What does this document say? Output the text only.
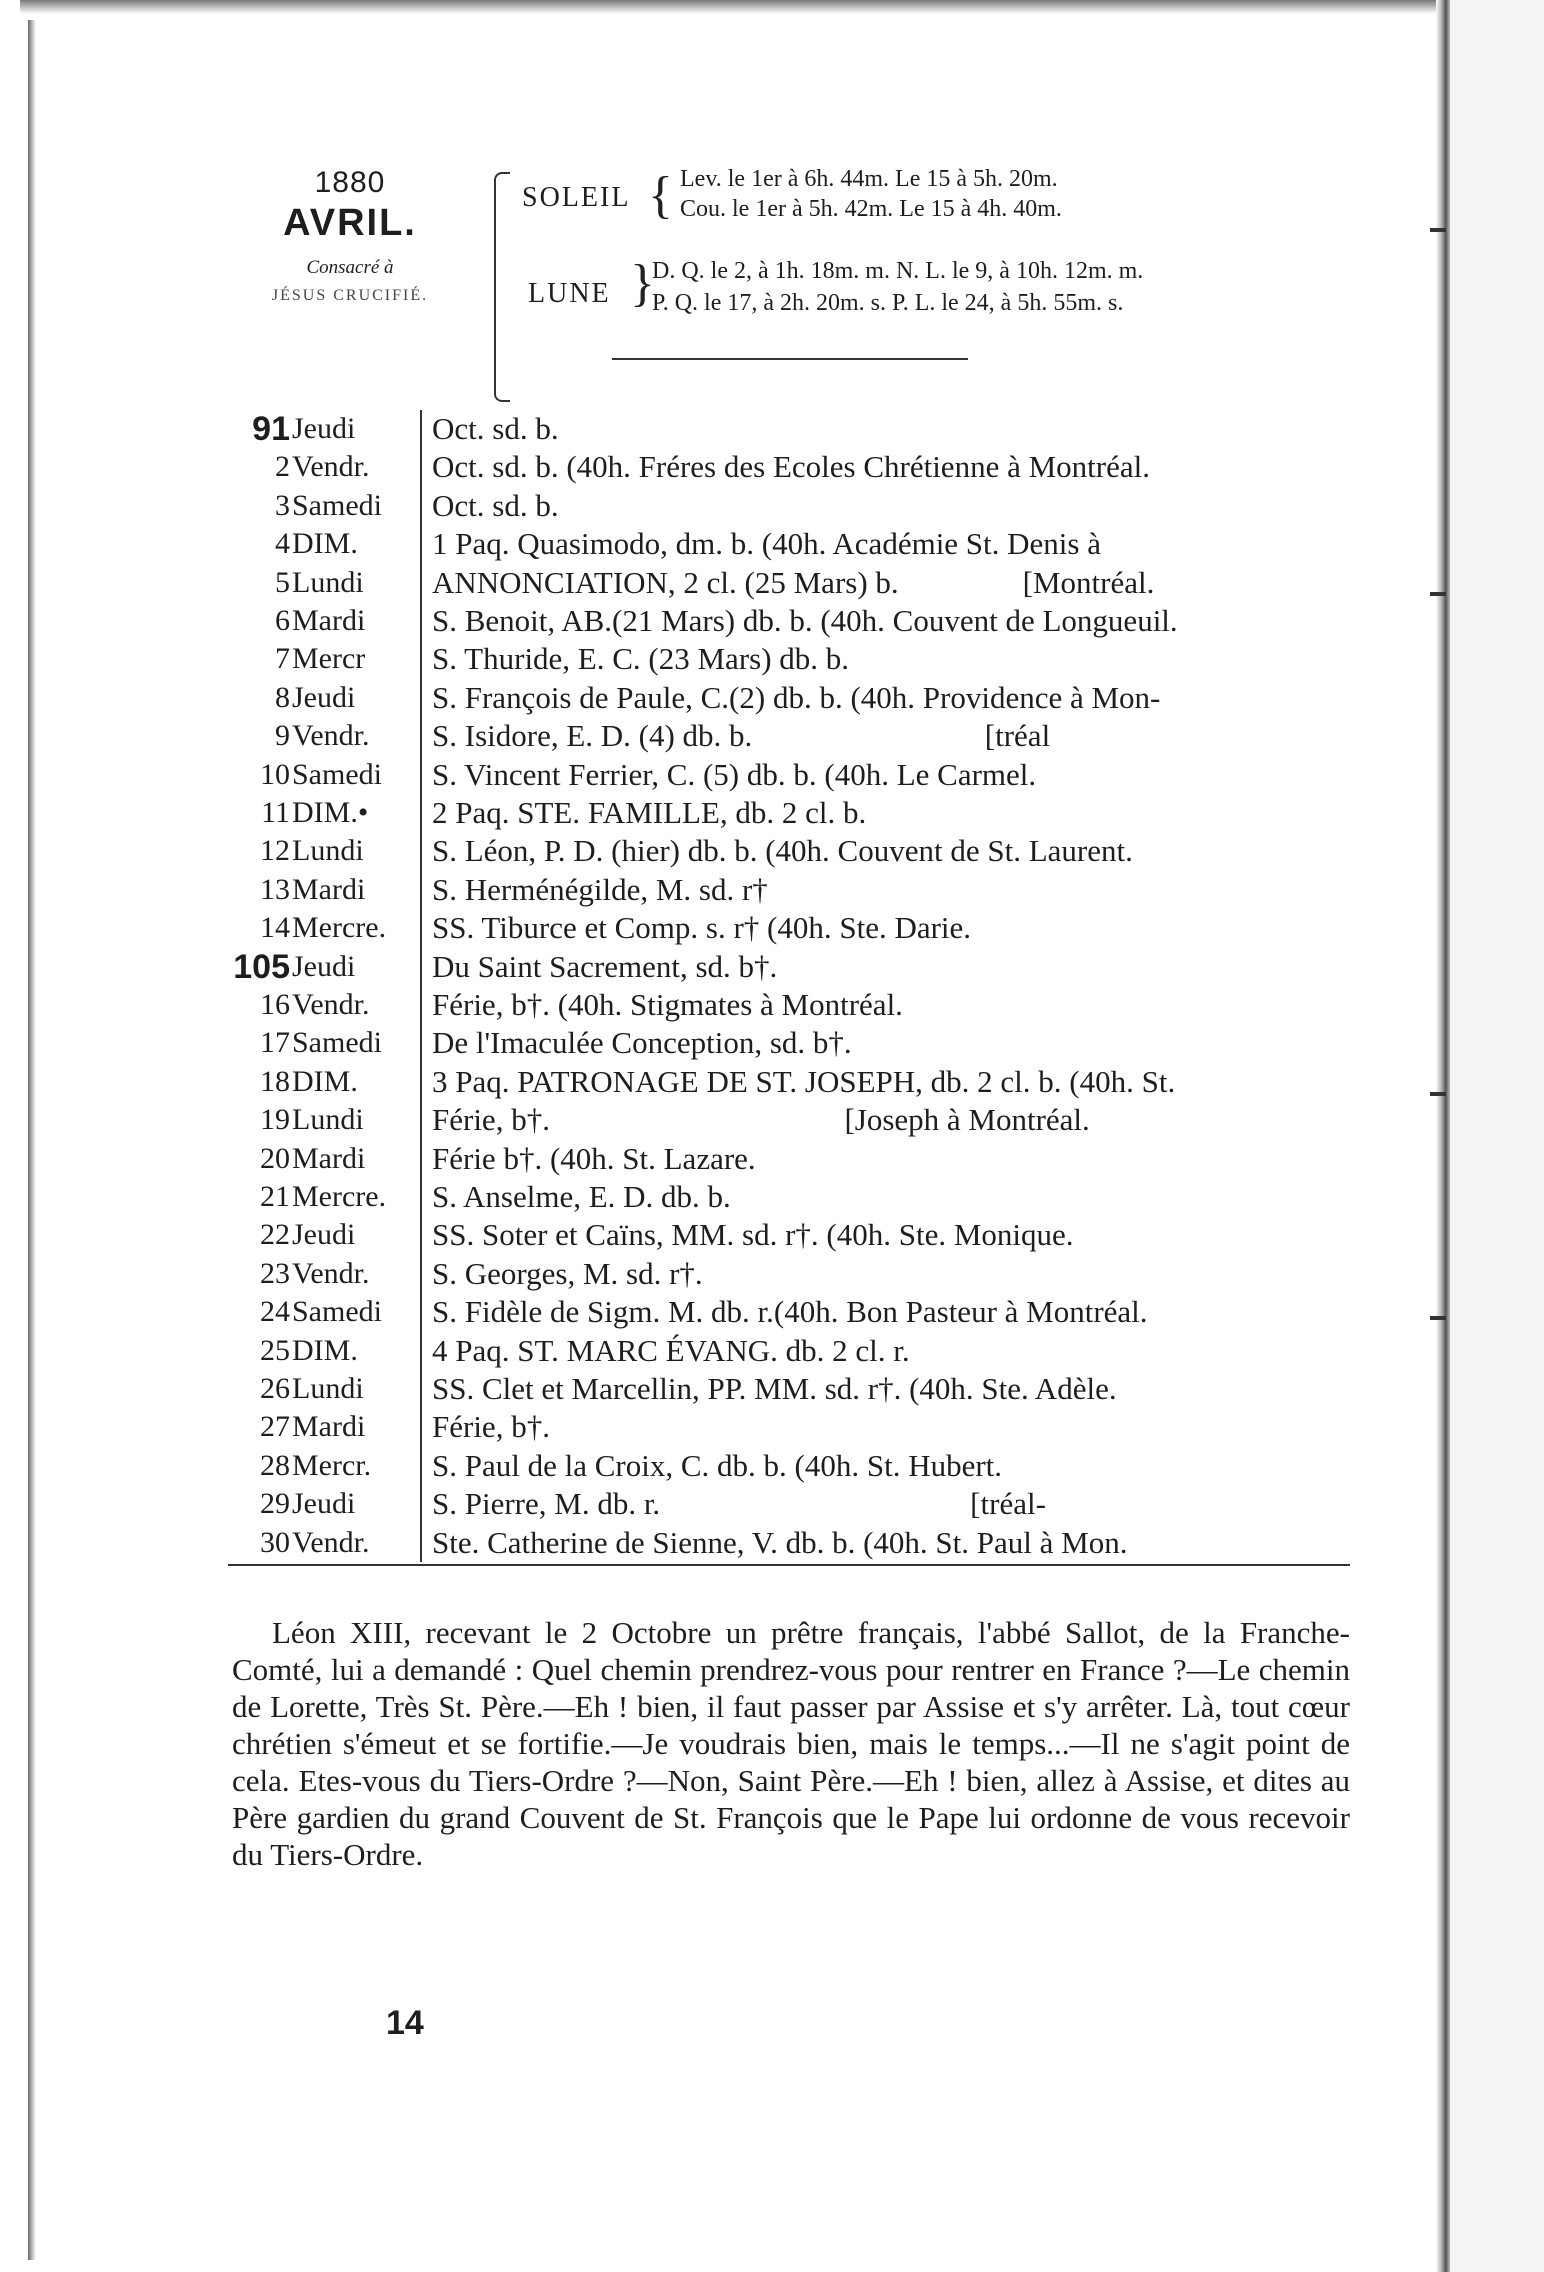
1880
AVRIL.
Consacré à
JÉSUS CRUCIFIÉ.
SOLEIL { Lev. le 1er à 6h. 44m. Le 15 à 5h. 20m.
Cou. le 1er à 5h. 42m. Le 15 à 4h. 40m.
LUNE }
D. Q. le 2, à 1h. 18m. m. N. L. le 9, à 10h. 12m. m.
P. Q. le 17, à 2h. 20m. s. P. L. le 24, à 5h. 55m. s.
91 Jeudi	Oct. sd. b.
2 Vendr.	Oct. sd. b. (40h. Fréres des Ecoles Chrétienne à Montréal.
3 Samedi	Oct. sd. b.
4 DIM.	1 Paq. Quasimodo, dm. b. (40h. Académie St. Denis à
5 Lundi	ANNONCIATION, 2 cl. (25 Mars) b.                [Montréal.
6 Mardi	S. Benoit, AB.(21 Mars) db. b. (40h. Couvent de Longueuil.
7 Mercr	S. Thuride, E. C. (23 Mars) db. b.
8 Jeudi	S. François de Paule, C.(2) db. b. (40h. Providence à Mon-
9 Vendr.	S. Isidore, E. D. (4) db. b.                              [tréal
10 Samedi	S. Vincent Ferrier, C. (5) db. b. (40h. Le Carmel.
11 DIM.•	2 Paq. STE. FAMILLE, db. 2 cl. b.
12 Lundi	S. Léon, P. D. (hier) db. b. (40h. Couvent de St. Laurent.
13 Mardi	S. Herménégilde, M. sd. r†
14 Mercre.	SS. Tiburce et Comp. s. r† (40h. Ste. Darie.
105 Jeudi	Du Saint Sacrement, sd. b†.
16 Vendr.	Férie, b†. (40h. Stigmates à Montréal.
17 Samedi	De l'Imaculée Conception, sd. b†.
18 DIM.	3 Paq. PATRONAGE DE ST. JOSEPH, db. 2 cl. b. (40h. St.
19 Lundi	Férie, b†.                                      [Joseph à Montréal.
20 Mardi	Férie b†. (40h. St. Lazare.
21 Mercre.	S. Anselme, E. D. db. b.
22 Jeudi	SS. Soter et Caïns, MM. sd. r†. (40h. Ste. Monique.
23 Vendr.	S. Georges, M. sd. r†.
24 Samedi	S. Fidèle de Sigm. M. db. r.(40h. Bon Pasteur à Montréal.
25 DIM.	4 Paq. ST. MARC ÉVANG. db. 2 cl. r.
26 Lundi	SS. Clet et Marcellin, PP. MM. sd. r†. (40h. Ste. Adèle.
27 Mardi	Férie, b†.
28 Mercr.	S. Paul de la Croix, C. db. b. (40h. St. Hubert.
29 Jeudi	S. Pierre, M. db. r.                                        [tréal-
30 Vendr.	Ste. Catherine de Sienne, V. db. b. (40h. St. Paul à Mon.
Léon XIII, recevant le 2 Octobre un prêtre français, l'abbé Sallot, de la Franche-Comté, lui a demandé : Quel chemin prendrez-vous pour rentrer en France ?—Le chemin de Lorette, Très St. Père.—Eh ! bien, il faut passer par Assise et s'y arrêter. Là, tout cœur chrétien s'émeut et se fortifie.—Je voudrais bien, mais le temps...—Il ne s'agit point de cela. Etes-vous du Tiers-Ordre ?—Non, Saint Père.—Eh ! bien, allez à Assise, et dites au Père gardien du grand Couvent de St. François que le Pape lui ordonne de vous recevoir du Tiers-Ordre.
14
